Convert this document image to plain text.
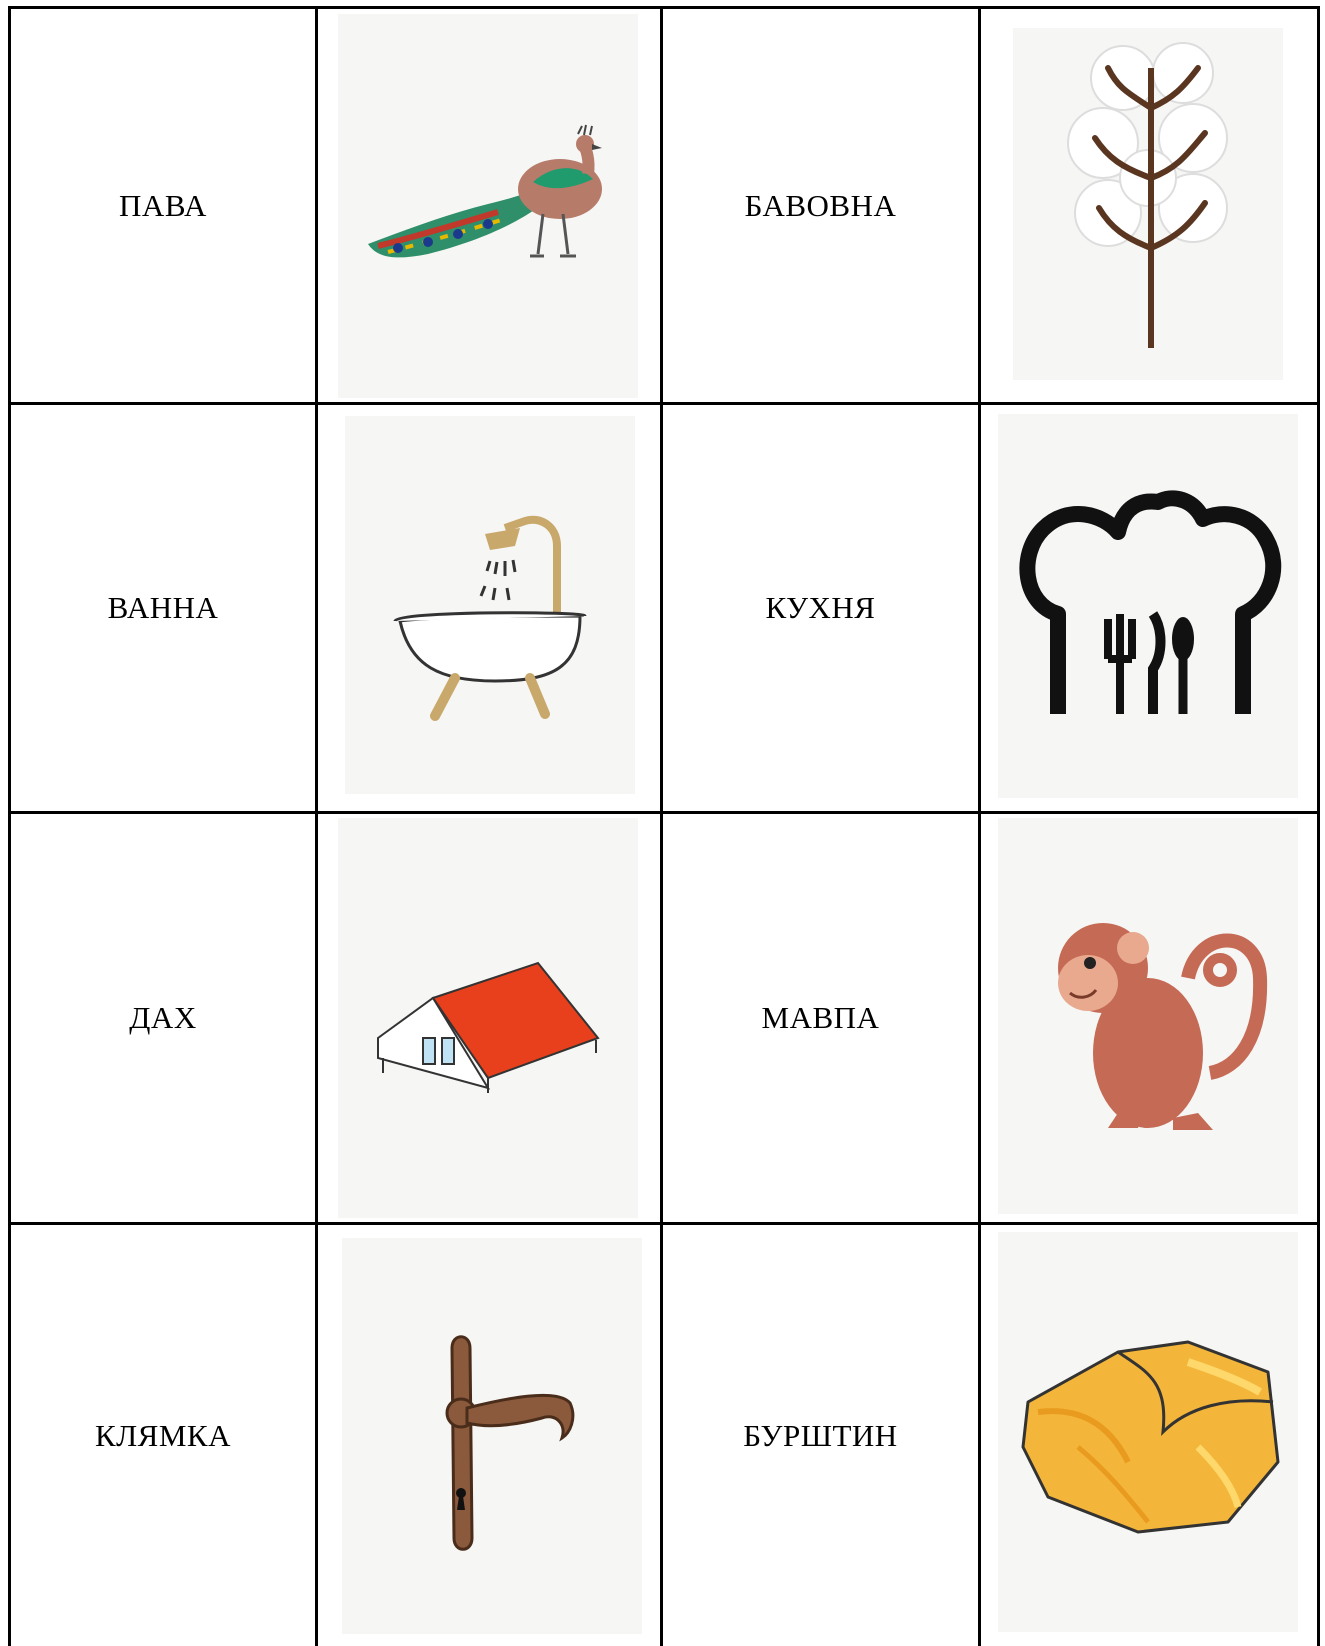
ПАВА	БАВОВНА
ВАННА	КУХНЯ
ДАХ	МАВПА
КЛЯМКА	БУРШТИН
